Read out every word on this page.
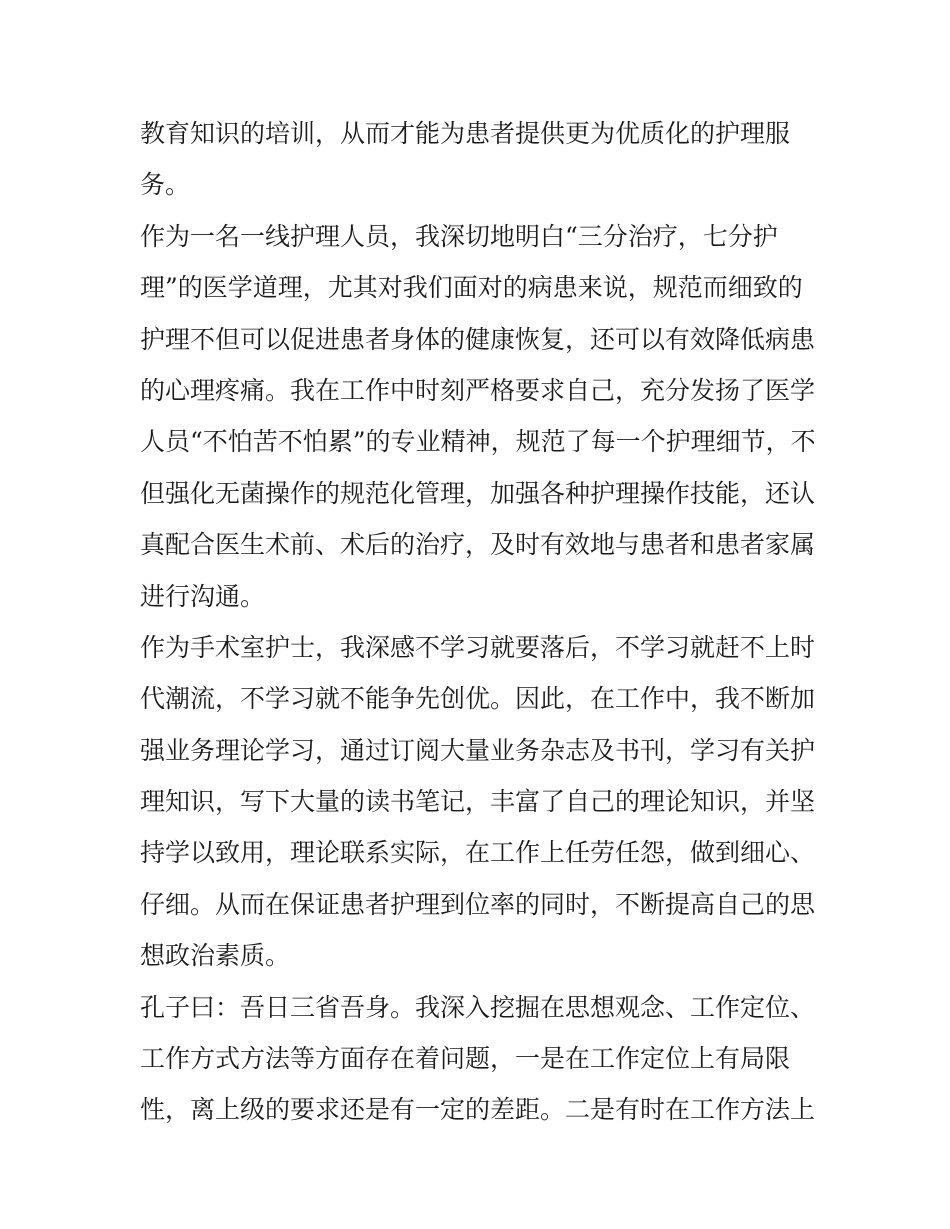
教育知识的培训，从而才能为患者提供更为优质化的护理服
务。
作为一名一线护理人员，我深切地明白“三分治疗，七分护
理”的医学道理，尤其对我们面对的病患来说，规范而细致的
护理不但可以促进患者身体的健康恢复，还可以有效降低病患
的心理疼痛。我在工作中时刻严格要求自己，充分发扬了医学
人员“不怕苦不怕累”的专业精神，规范了每一个护理细节，不
但强化无菌操作的规范化管理，加强各种护理操作技能，还认
真配合医生术前、术后的治疗，及时有效地与患者和患者家属
进行沟通。
作为手术室护士，我深感不学习就要落后，不学习就赶不上时
代潮流，不学习就不能争先创优。因此，在工作中，我不断加
强业务理论学习，通过订阅大量业务杂志及书刊，学习有关护
理知识，写下大量的读书笔记，丰富了自己的理论知识，并坚
持学以致用，理论联系实际，在工作上任劳任怨，做到细心、
仔细。从而在保证患者护理到位率的同时，不断提高自己的思
想政治素质。
孔子曰：吾日三省吾身。我深入挖掘在思想观念、工作定位、
工作方式方法等方面存在着问题，一是在工作定位上有局限
性，离上级的要求还是有一定的差距。二是有时在工作方法上
